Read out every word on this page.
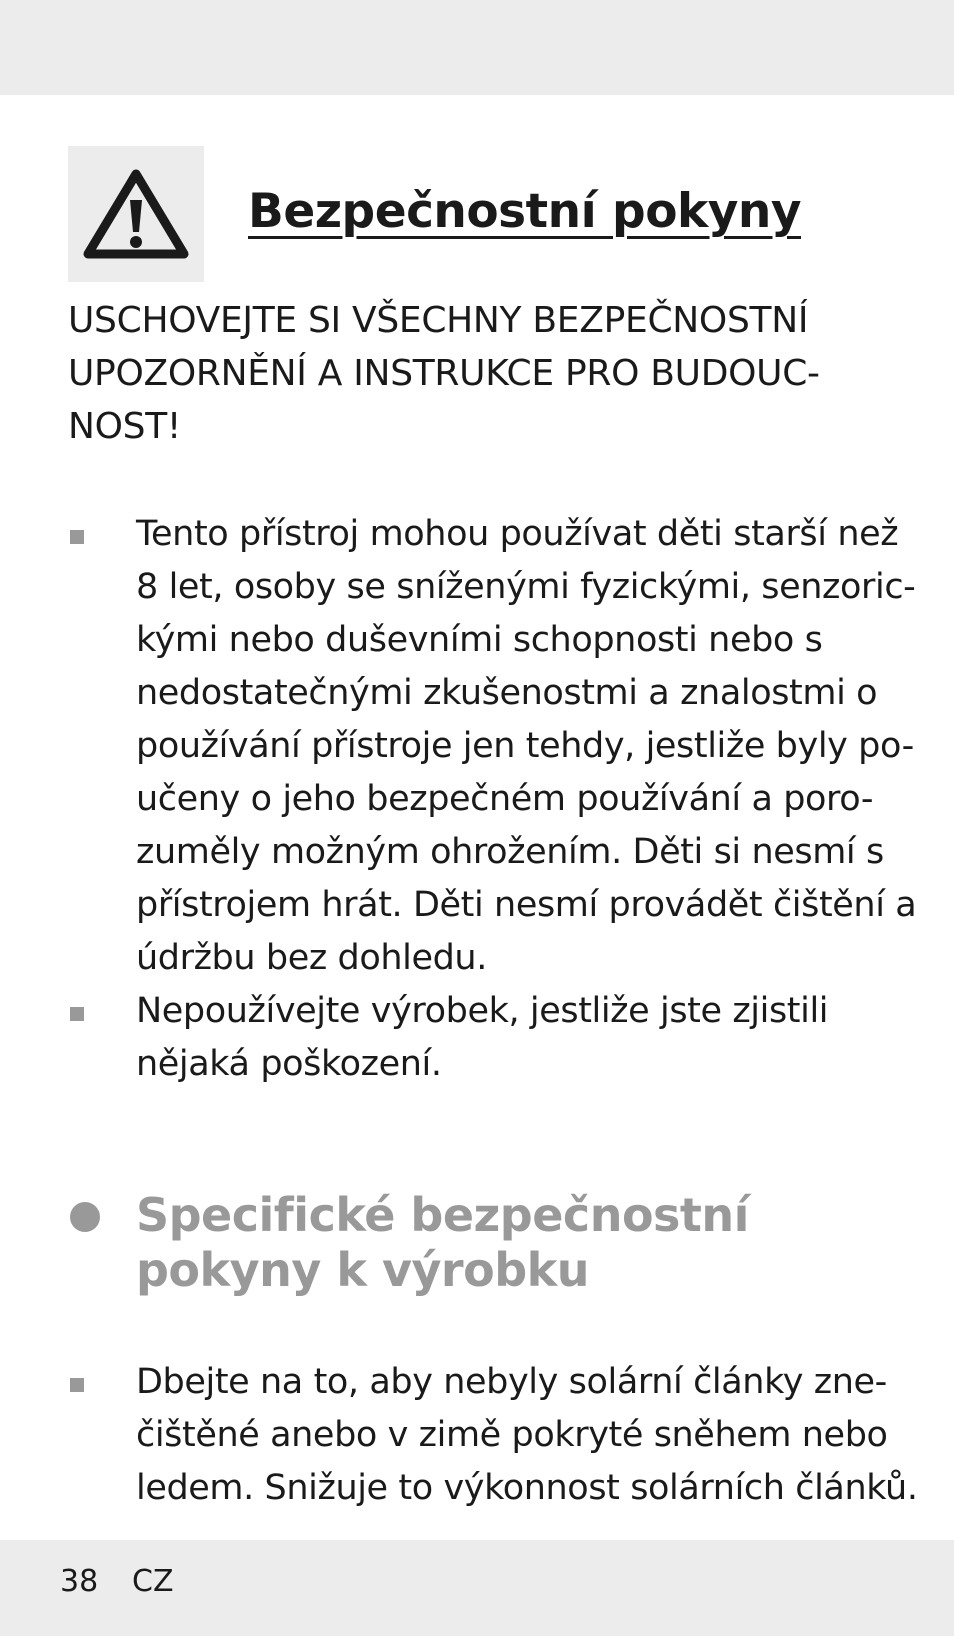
Bezpečnostní pokyny

USCHOVEJTE SI VŠECHNY BEZPEČNOSTNÍ
UPOZORNĚNÍ A INSTRUKCE PRO BUDOUC-
NOST!

Tento přístroj mohou používat děti starší než
8 let, osoby se sníženými fyzickými, senzoric-
kými nebo duševními schopnosti nebo s
nedostatečnými zkušenostmi a znalostmi o
používání přístroje jen tehdy, jestliže byly po-
učeny o jeho bezpečném používání a poro-
zuměly možným ohrožením. Děti si nesmí s
přístrojem hrát. Děti nesmí provádět čištění a
údržbu bez dohledu.
Nepoužívejte výrobek, jestliže jste zjistili
nějaká poškození.
Specifické bezpečnostní
pokyny k výrobku
Dbejte na to, aby nebyly solární články zne-
čištěné anebo v zimě pokryté sněhem nebo
ledem. Snižuje to výkonnost solárních článků.
38 CZ
